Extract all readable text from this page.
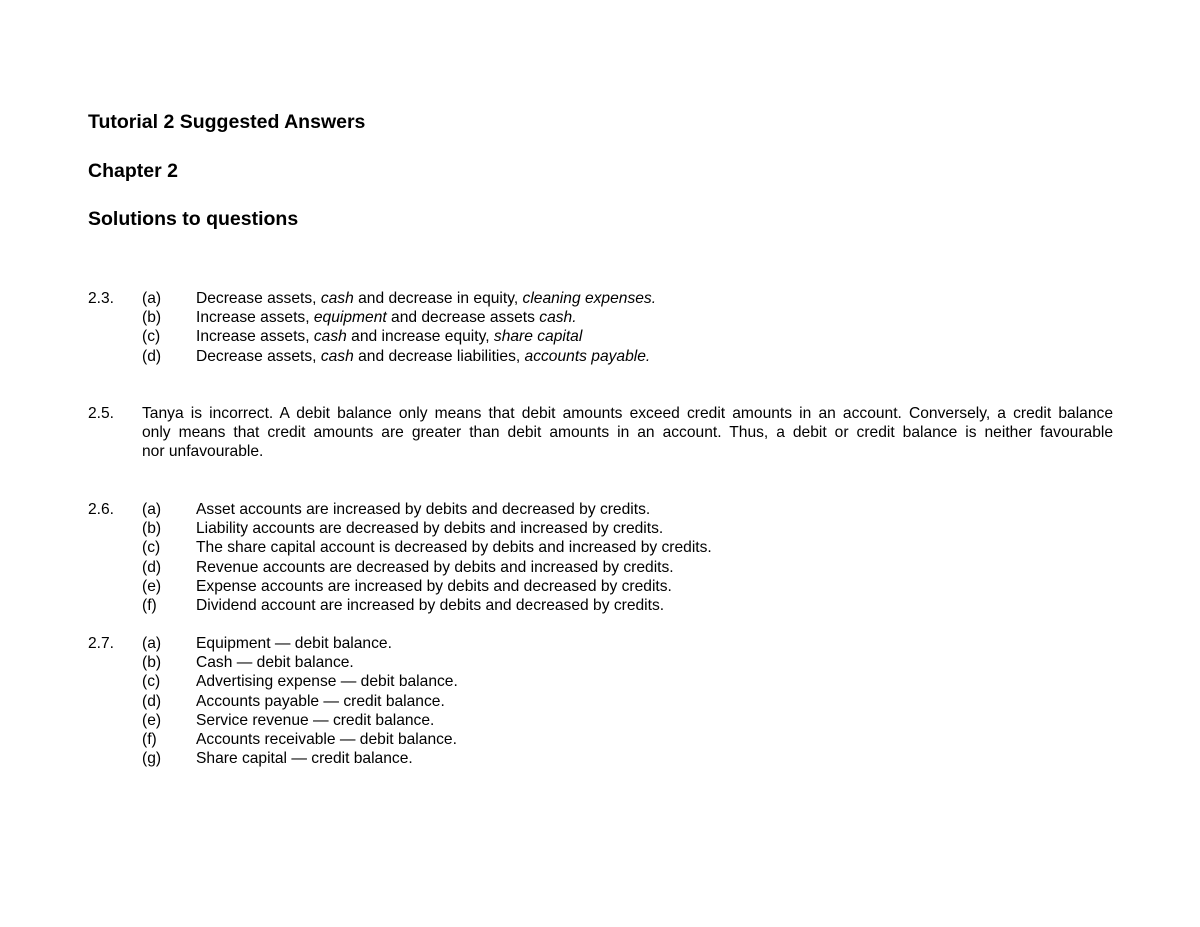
Tutorial 2 Suggested Answers
Chapter 2
Solutions to questions
2.3. (a) Decrease assets, cash and decrease in equity, cleaning expenses.
(b) Increase assets, equipment and decrease assets cash.
(c) Increase assets, cash and increase equity, share capital
(d) Decrease assets, cash and decrease liabilities, accounts payable.
2.5. Tanya is incorrect. A debit balance only means that debit amounts exceed credit amounts in an account. Conversely, a credit balance
only means that credit amounts are greater than debit amounts in an account. Thus, a debit or credit balance is neither favourable
nor unfavourable.
2.6. (a) Asset accounts are increased by debits and decreased by credits.
(b) Liability accounts are decreased by debits and increased by credits.
(c) The share capital account is decreased by debits and increased by credits.
(d) Revenue accounts are decreased by debits and increased by credits.
(e) Expense accounts are increased by debits and decreased by credits.
(f)	Dividend account are increased by debits and decreased by credits.
2.7. (a) Equipment — debit balance.
(b) Cash — debit balance.
(c) Advertising expense — debit balance.
(d) Accounts payable — credit balance.
(e) Service revenue — credit balance.
(f)	Accounts receivable — debit balance.
(g) Share capital — credit balance.
